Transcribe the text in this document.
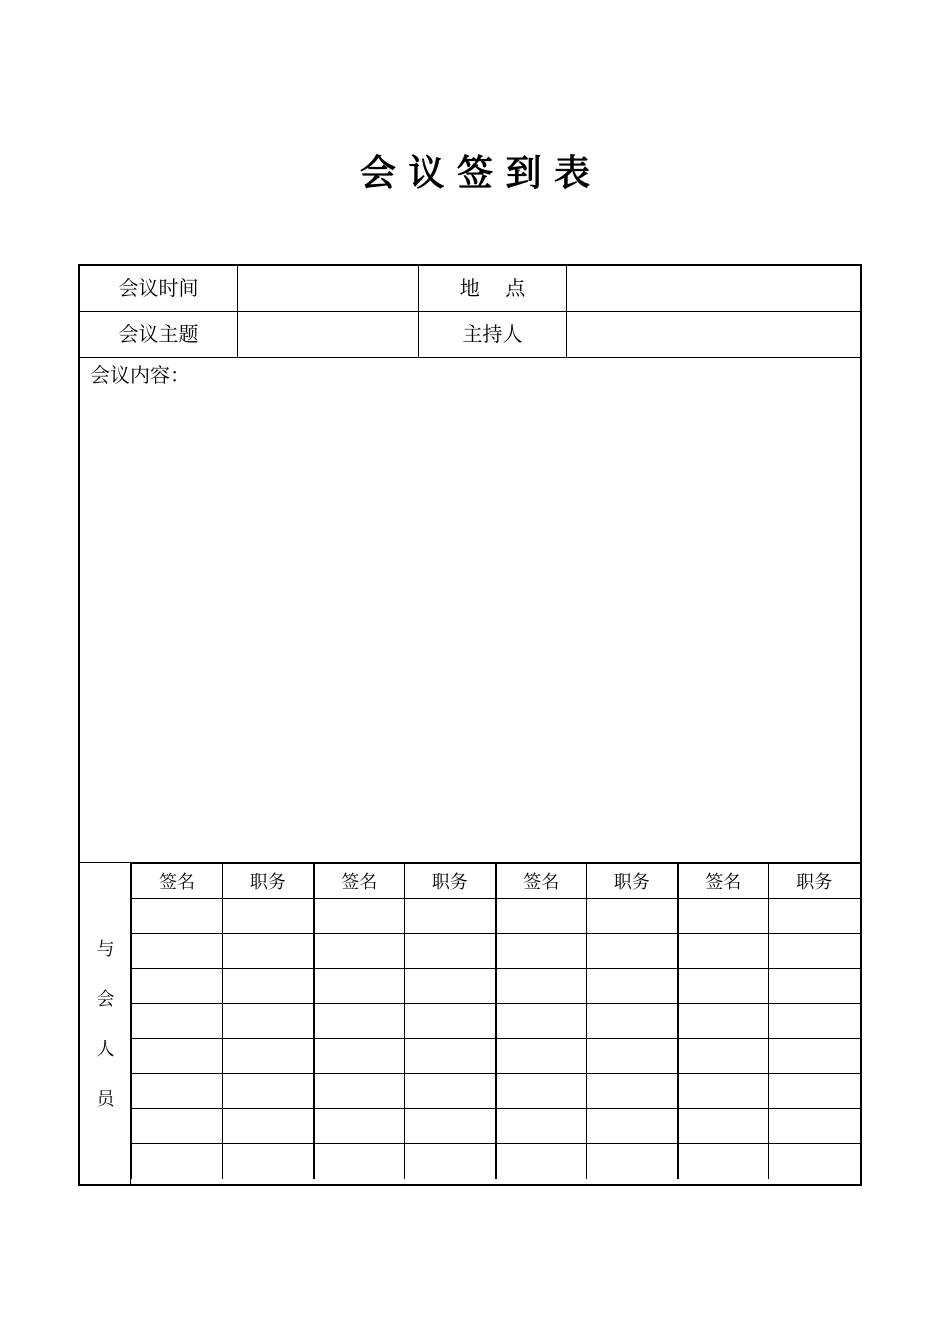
会 议 签 到 表
会议时间	地    点
会议主题	主持人
会议内容：
与
会
人
员
签名	职务	签名	职务	签名	职务	签名	职务
